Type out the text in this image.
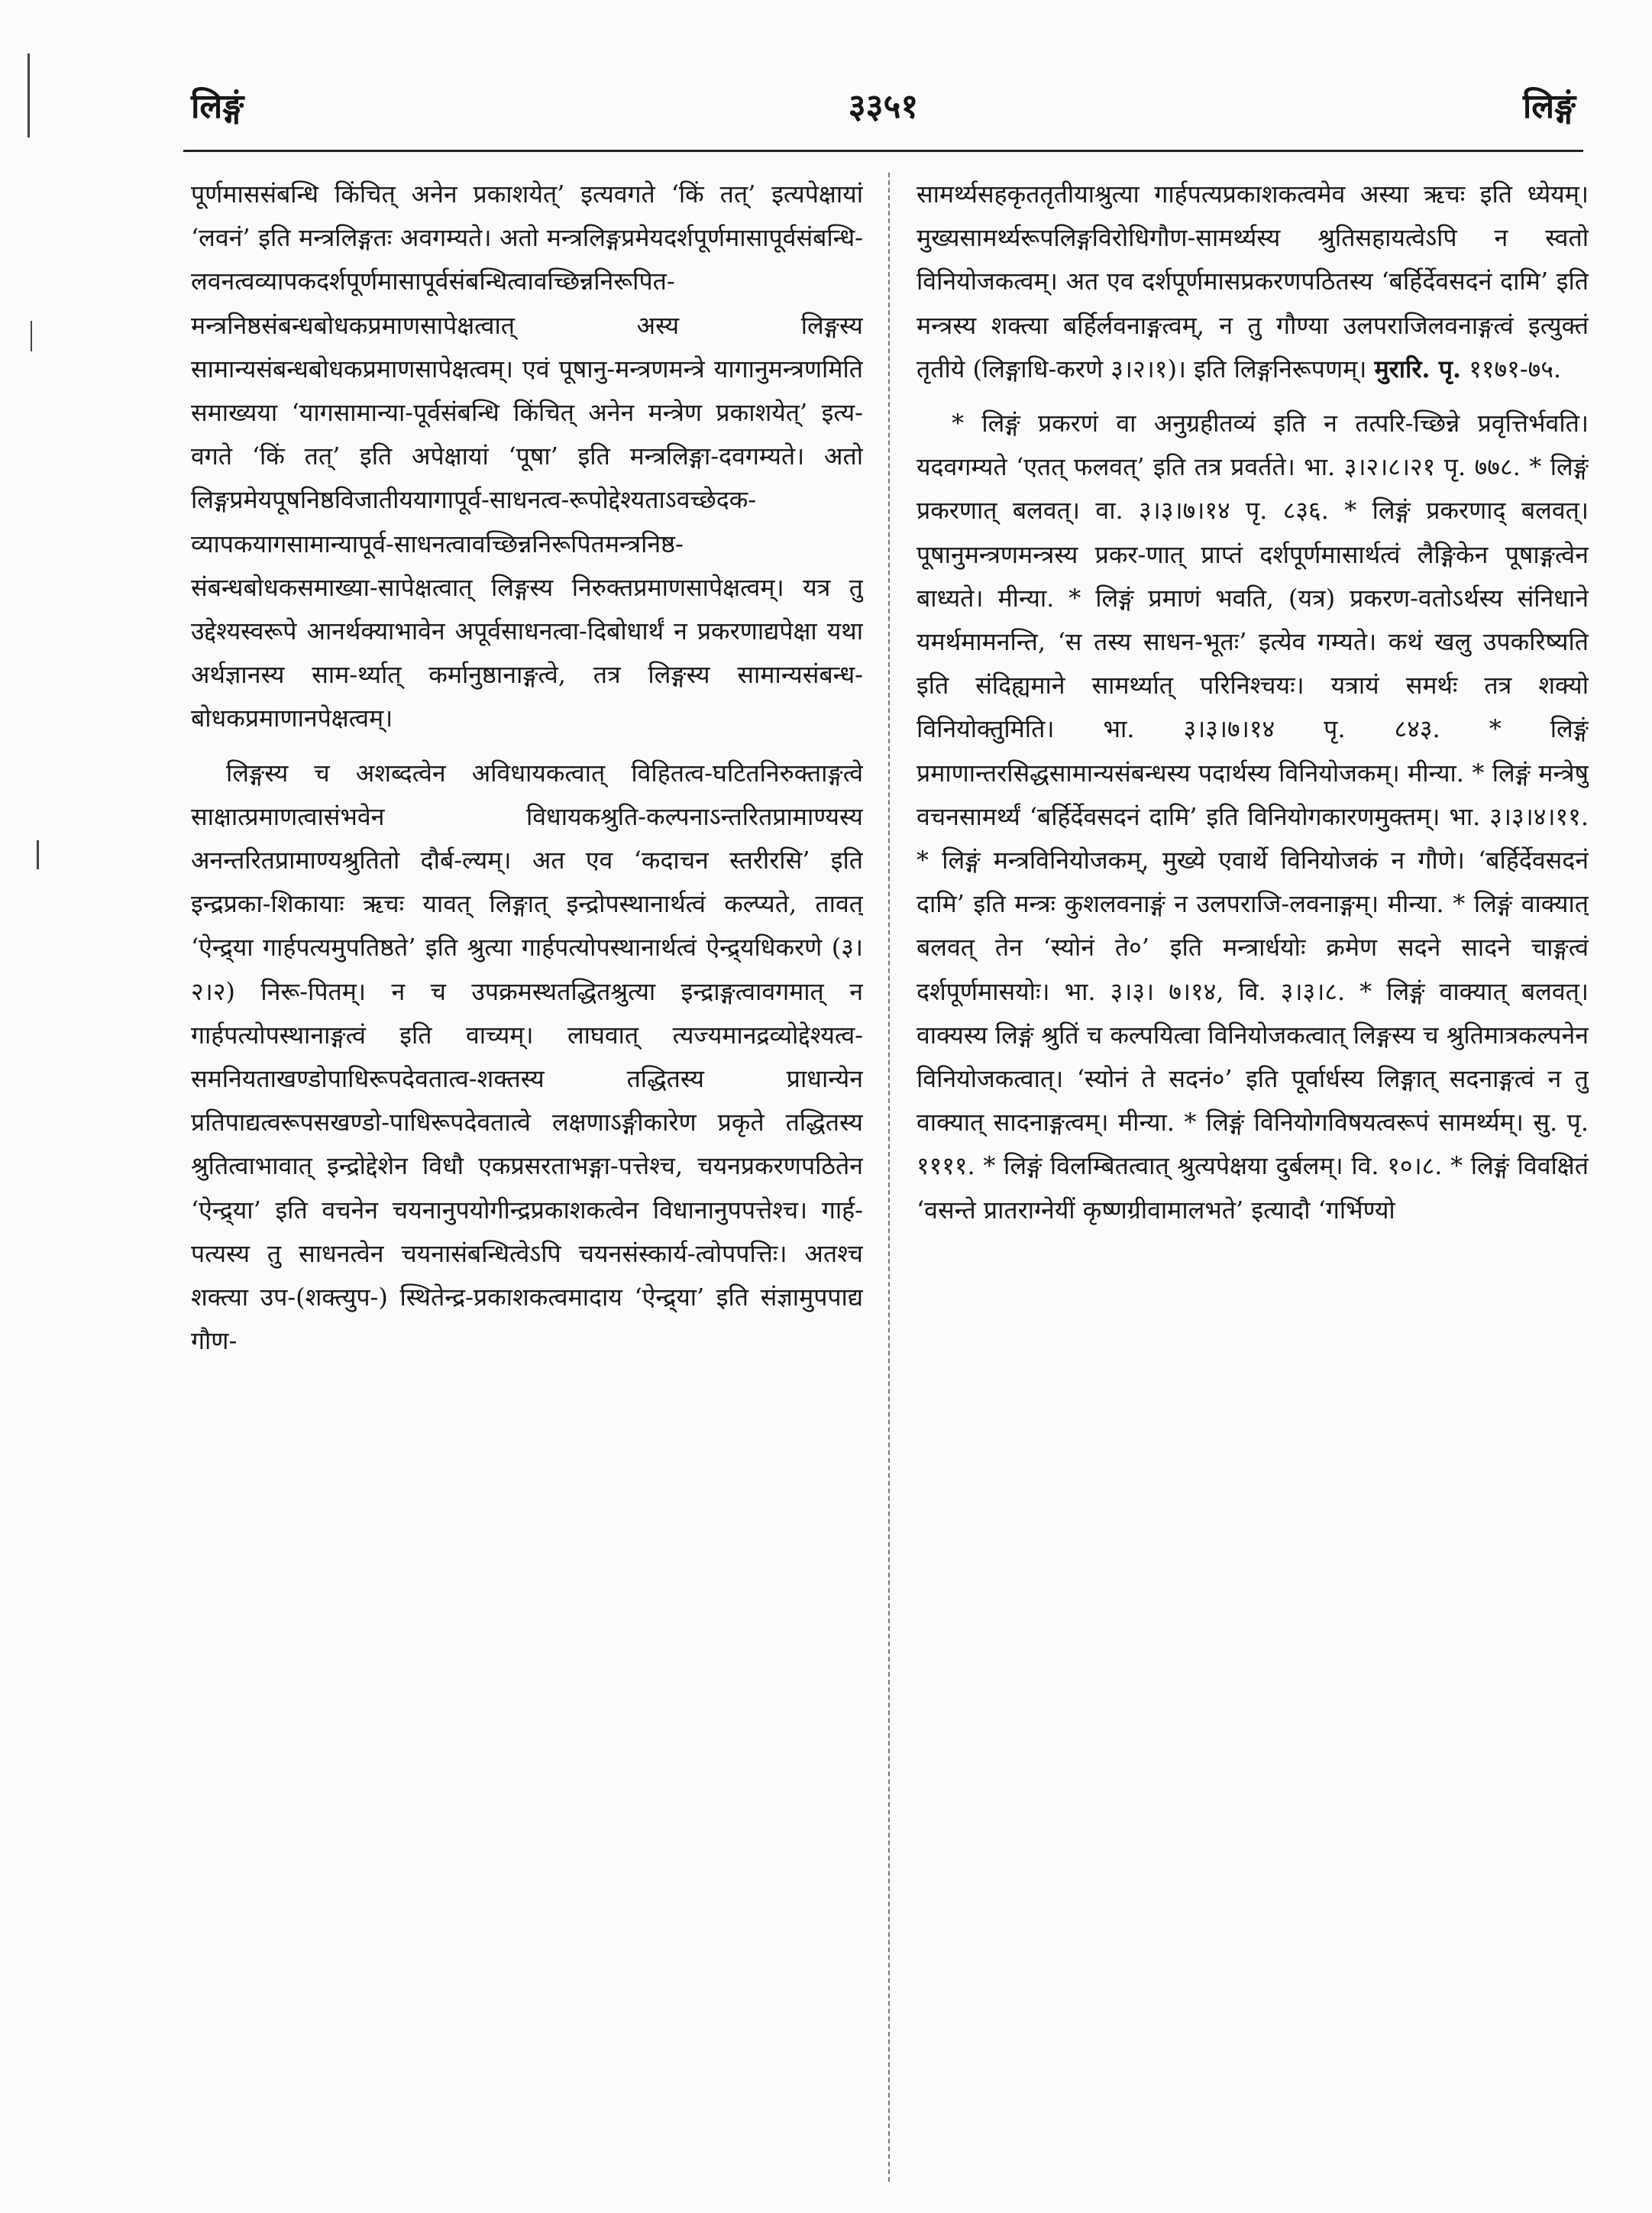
लिङ्गं	३३५१	लिङ्गं

पूर्णमाससंबन्धि किंचित् अनेन प्रकाशयेत्’ इत्यवगते ‘किं तत्’ इत्यपेक्षायां ‘लवनं’ इति मन्त्रलिङ्गतः अवगम्यते। अतो मन्त्रलिङ्गप्रमेयदर्शपूर्णमासापूर्वसंबन्धि-लवनत्वव्यापकदर्शपूर्णमासापूर्वसंबन्धित्वावच्छिन्ननिरूपित-मन्त्रनिष्ठसंबन्धबोधकप्रमाणसापेक्षत्वात् अस्य लिङ्गस्य सामान्यसंबन्धबोधकप्रमाणसापेक्षत्वम्। एवं पूषानु-मन्त्रणमन्त्रे यागानुमन्त्रणमिति समाख्यया ‘यागसामान्या-पूर्वसंबन्धि किंचित् अनेन मन्त्रेण प्रकाशयेत्’ इत्य-वगते ‘किं तत्’ इति अपेक्षायां ‘पूषा’ इति मन्त्रलिङ्गा-दवगम्यते। अतो लिङ्गप्रमेयपूषनिष्ठविजातीययागापूर्व-साधनत्व-रूपोद्देश्यताऽवच्छेदक-व्यापकयागसामान्यापूर्व-साधनत्वावच्छिन्ननिरूपितमन्त्रनिष्ठ-संबन्धबोधकसमाख्या-सापेक्षत्वात् लिङ्गस्य निरुक्तप्रमाणसापेक्षत्वम्। यत्र तु उद्देश्यस्वरूपे आनर्थक्याभावेन अपूर्वसाधनत्वा-दिबोधार्थं न प्रकरणाद्यपेक्षा यथा अर्थज्ञानस्य साम-र्थ्यात् कर्मानुष्ठानाङ्गत्वे, तत्र लिङ्गस्य सामान्यसंबन्ध-बोधकप्रमाणानपेक्षत्वम्।

लिङ्गस्य च अशब्दत्वेन अविधायकत्वात् विहितत्व-घटितनिरुक्ताङ्गत्वे साक्षात्प्रमाणत्वासंभवेन विधायकश्रुति-कल्पनाऽन्तरितप्रामाण्यस्य अनन्तरितप्रामाण्यश्रुतितो दौर्ब-ल्यम्। अत एव ‘कदाचन स्तरीरसि’ इति इन्द्रप्रका-शिकायाः ऋचः यावत् लिङ्गात् इन्द्रोपस्थानार्थत्वं कल्प्यते, तावत् ‘ऐन्द्र्या गार्हपत्यमुपतिष्ठते’ इति श्रुत्या गार्हपत्योपस्थानार्थत्वं ऐन्द्र्यधिकरणे (३।२।२) निरू-पितम्। न च उपक्रमस्थतद्धितश्रुत्या इन्द्राङ्गत्वावगमात् न गार्हपत्योपस्थानाङ्गत्वं इति वाच्यम्। लाघवात् त्यज्यमानद्रव्योद्देश्यत्व-समनियताखण्डोपाधिरूपदेवतात्व-शक्तस्य तद्धितस्य प्राधान्येन प्रतिपाद्यत्वरूपसखण्डो-पाधिरूपदेवतात्वे लक्षणाऽङ्गीकारेण प्रकृते तद्धितस्य श्रुतित्वाभावात् इन्द्रोद्देशेन विधौ एकप्रसरताभङ्गा-पत्तेश्च, चयनप्रकरणपठितेन ‘ऐन्द्र्या’ इति वचनेन चयनानुपयोगीन्द्रप्रकाशकत्वेन विधानानुपपत्तेश्च। गार्ह-पत्यस्य तु साधनत्वेन चयनासंबन्धित्वेऽपि चयनसंस्कार्य-त्वोपपत्तिः। अतश्च शक्त्या उप-(शक्त्युप-) स्थितेन्द्र-प्रकाशकत्वमादाय ‘ऐन्द्र्या’ इति संज्ञामुपपाद्य गौण-

सामर्थ्यसहकृततृतीयाश्रुत्या गार्हपत्यप्रकाशकत्वमेव अस्या ऋचः इति ध्येयम्। मुख्यसामर्थ्यरूपलिङ्गविरोधिगौण-सामर्थ्यस्य श्रुतिसहायत्वेऽपि न स्वतो विनियोजकत्वम्। अत एव दर्शपूर्णमासप्रकरणपठितस्य ‘बर्हिर्देवसदनं दामि’ इति मन्त्रस्य शक्त्या बर्हिर्लवनाङ्गत्वम्, न तु गौण्या उलपराजिलवनाङ्गत्वं इत्युक्तं तृतीये (लिङ्गाधि-करणे ३।२।१)। इति लिङ्गनिरूपणम्। मुरारि. पृ. ११७१-७५.

* लिङ्गं प्रकरणं वा अनुग्रहीतव्यं इति न तत्परि-च्छिन्ने प्रवृत्तिर्भवति। यदवगम्यते ‘एतत् फलवत्’ इति तत्र प्रवर्तते। भा. ३।२।८।२१ पृ. ७७८. * लिङ्गं प्रकरणात् बलवत्। वा. ३।३।७।१४ पृ. ८३६. * लिङ्गं प्रकरणाद् बलवत्। पूषानुमन्त्रणमन्त्रस्य प्रकर-णात् प्राप्तं दर्शपूर्णमासार्थत्वं लैङ्गिकेन पूषाङ्गत्वेन बाध्यते। मीन्या. * लिङ्गं प्रमाणं भवति, (यत्र) प्रकरण-वतोऽर्थस्य संनिधाने यमर्थमामनन्ति, ‘स तस्य साधन-भूतः’ इत्येव गम्यते। कथं खलु उपकरिष्यति इति संदिह्यमाने सामर्थ्यात् परिनिश्चयः। यत्रायं समर्थः तत्र शक्यो विनियोक्तुमिति। भा. ३।३।७।१४ पृ. ८४३. * लिङ्गं प्रमाणान्तरसिद्धसामान्यसंबन्धस्य पदार्थस्य विनियोजकम्। मीन्या. * लिङ्गं मन्त्रेषु वचनसामर्थ्यं ‘बर्हिर्देवसदनं दामि’ इति विनियोगकारणमुक्तम्। भा. ३।३।४।११. * लिङ्गं मन्त्रविनियोजकम्, मुख्ये एवार्थे विनियोजकं न गौणे। ‘बर्हिर्देवसदनं दामि’ इति मन्त्रः कुशलवनाङ्गं न उलपराजि-लवनाङ्गम्। मीन्या. * लिङ्गं वाक्यात् बलवत् तेन ‘स्योनं ते०’ इति मन्त्रार्धयोः क्रमेण सदने सादने चाङ्गत्वं दर्शपूर्णमासयोः। भा. ३।३। ७।१४, वि. ३।३।८. * लिङ्गं वाक्यात् बलवत्। वाक्यस्य लिङ्गं श्रुतिं च कल्पयित्वा विनियोजकत्वात् लिङ्गस्य च श्रुतिमात्रकल्पनेन विनियोजकत्वात्। ‘स्योनं ते सदनं०’ इति पूर्वार्धस्य लिङ्गात् सदनाङ्गत्वं न तु वाक्यात् सादनाङ्गत्वम्। मीन्या. * लिङ्गं विनियोगविषयत्वरूपं सामर्थ्यम्। सु. पृ. ११११. * लिङ्गं विलम्बितत्वात् श्रुत्यपेक्षया दुर्बलम्। वि. १०।८. * लिङ्गं विवक्षितं ‘वसन्ते प्रातराग्नेयीं कृष्णग्रीवामालभते’ इत्यादौ ‘गर्भिण्यो
